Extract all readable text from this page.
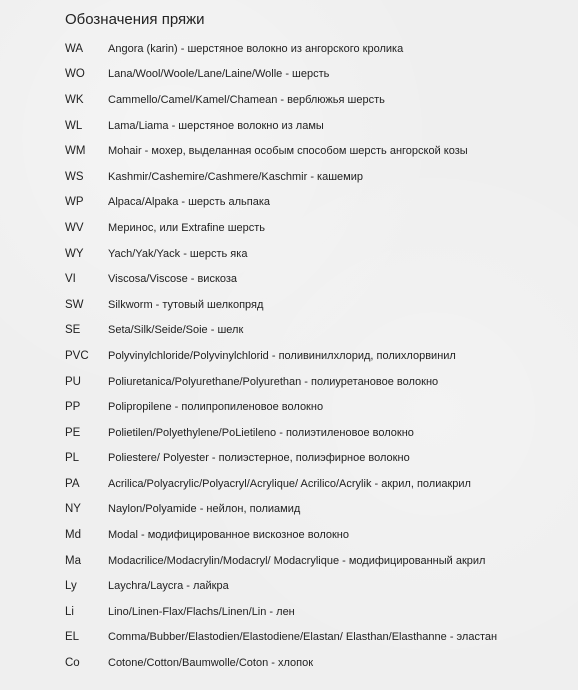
Обозначения пряжи
WA	Angora (karin) - шерстяное волокно из ангорского кролика
WO	Lana/Wool/Woole/Lane/Laine/Wolle - шерсть
WK	Cammello/Camel/Kamel/Chamean - верблюжья шерсть
WL	Lama/Liama - шерстяное волокно из ламы
WM	Mohair - мохер, выделанная особым способом шерсть ангорской козы
WS	Kashmir/Cashemire/Cashmere/Kaschmir - кашемир
WP	Alpaca/Alpaka - шерсть альпака
WV	Меринос, или Extrafine шерсть
WY	Yach/Yak/Yack - шерсть яка
VI	Viscosa/Viscose - вискоза
SW	Silkworm - тутовый шелкопряд
SE	Seta/Silk/Seide/Soie - шелк
PVC	Polyvinylchloride/Polyvinylchlorid - поливинилхлорид, полихлорвинил
PU	Poliuretanica/Polyurethane/Polyurethan - полиуретановое волокно
PP	Polipropilene - полипропиленовое волокно
PE	Polietilen/Polyethylene/PoLietileno - полиэтиленовое волокно
PL	Poliestere/ Polyester - полиэстерное, полиэфирное волокно
PA	Acrilica/Polyacrylic/Polyacryl/Acrylique/ Acrilico/Acrylik - акрил, полиакрил
NY	Naylon/Polyamide - нейлон, полиамид
Md	Modal - модифицированное вискозное волокно
Ma	Modacrilice/Modacrylin/Modacryl/ Modacrylique - модифицированный акрил
Ly	Laychra/Laycra - лайкра
Li	Lino/Linen-Flax/Flachs/Linen/Lin - лен
EL	Comma/Bubber/Elastodien/Elastodiene/Elastan/ Elasthan/Elasthanne - эластан
Co	Cotone/Cotton/Baumwolle/Coton - хлопок
